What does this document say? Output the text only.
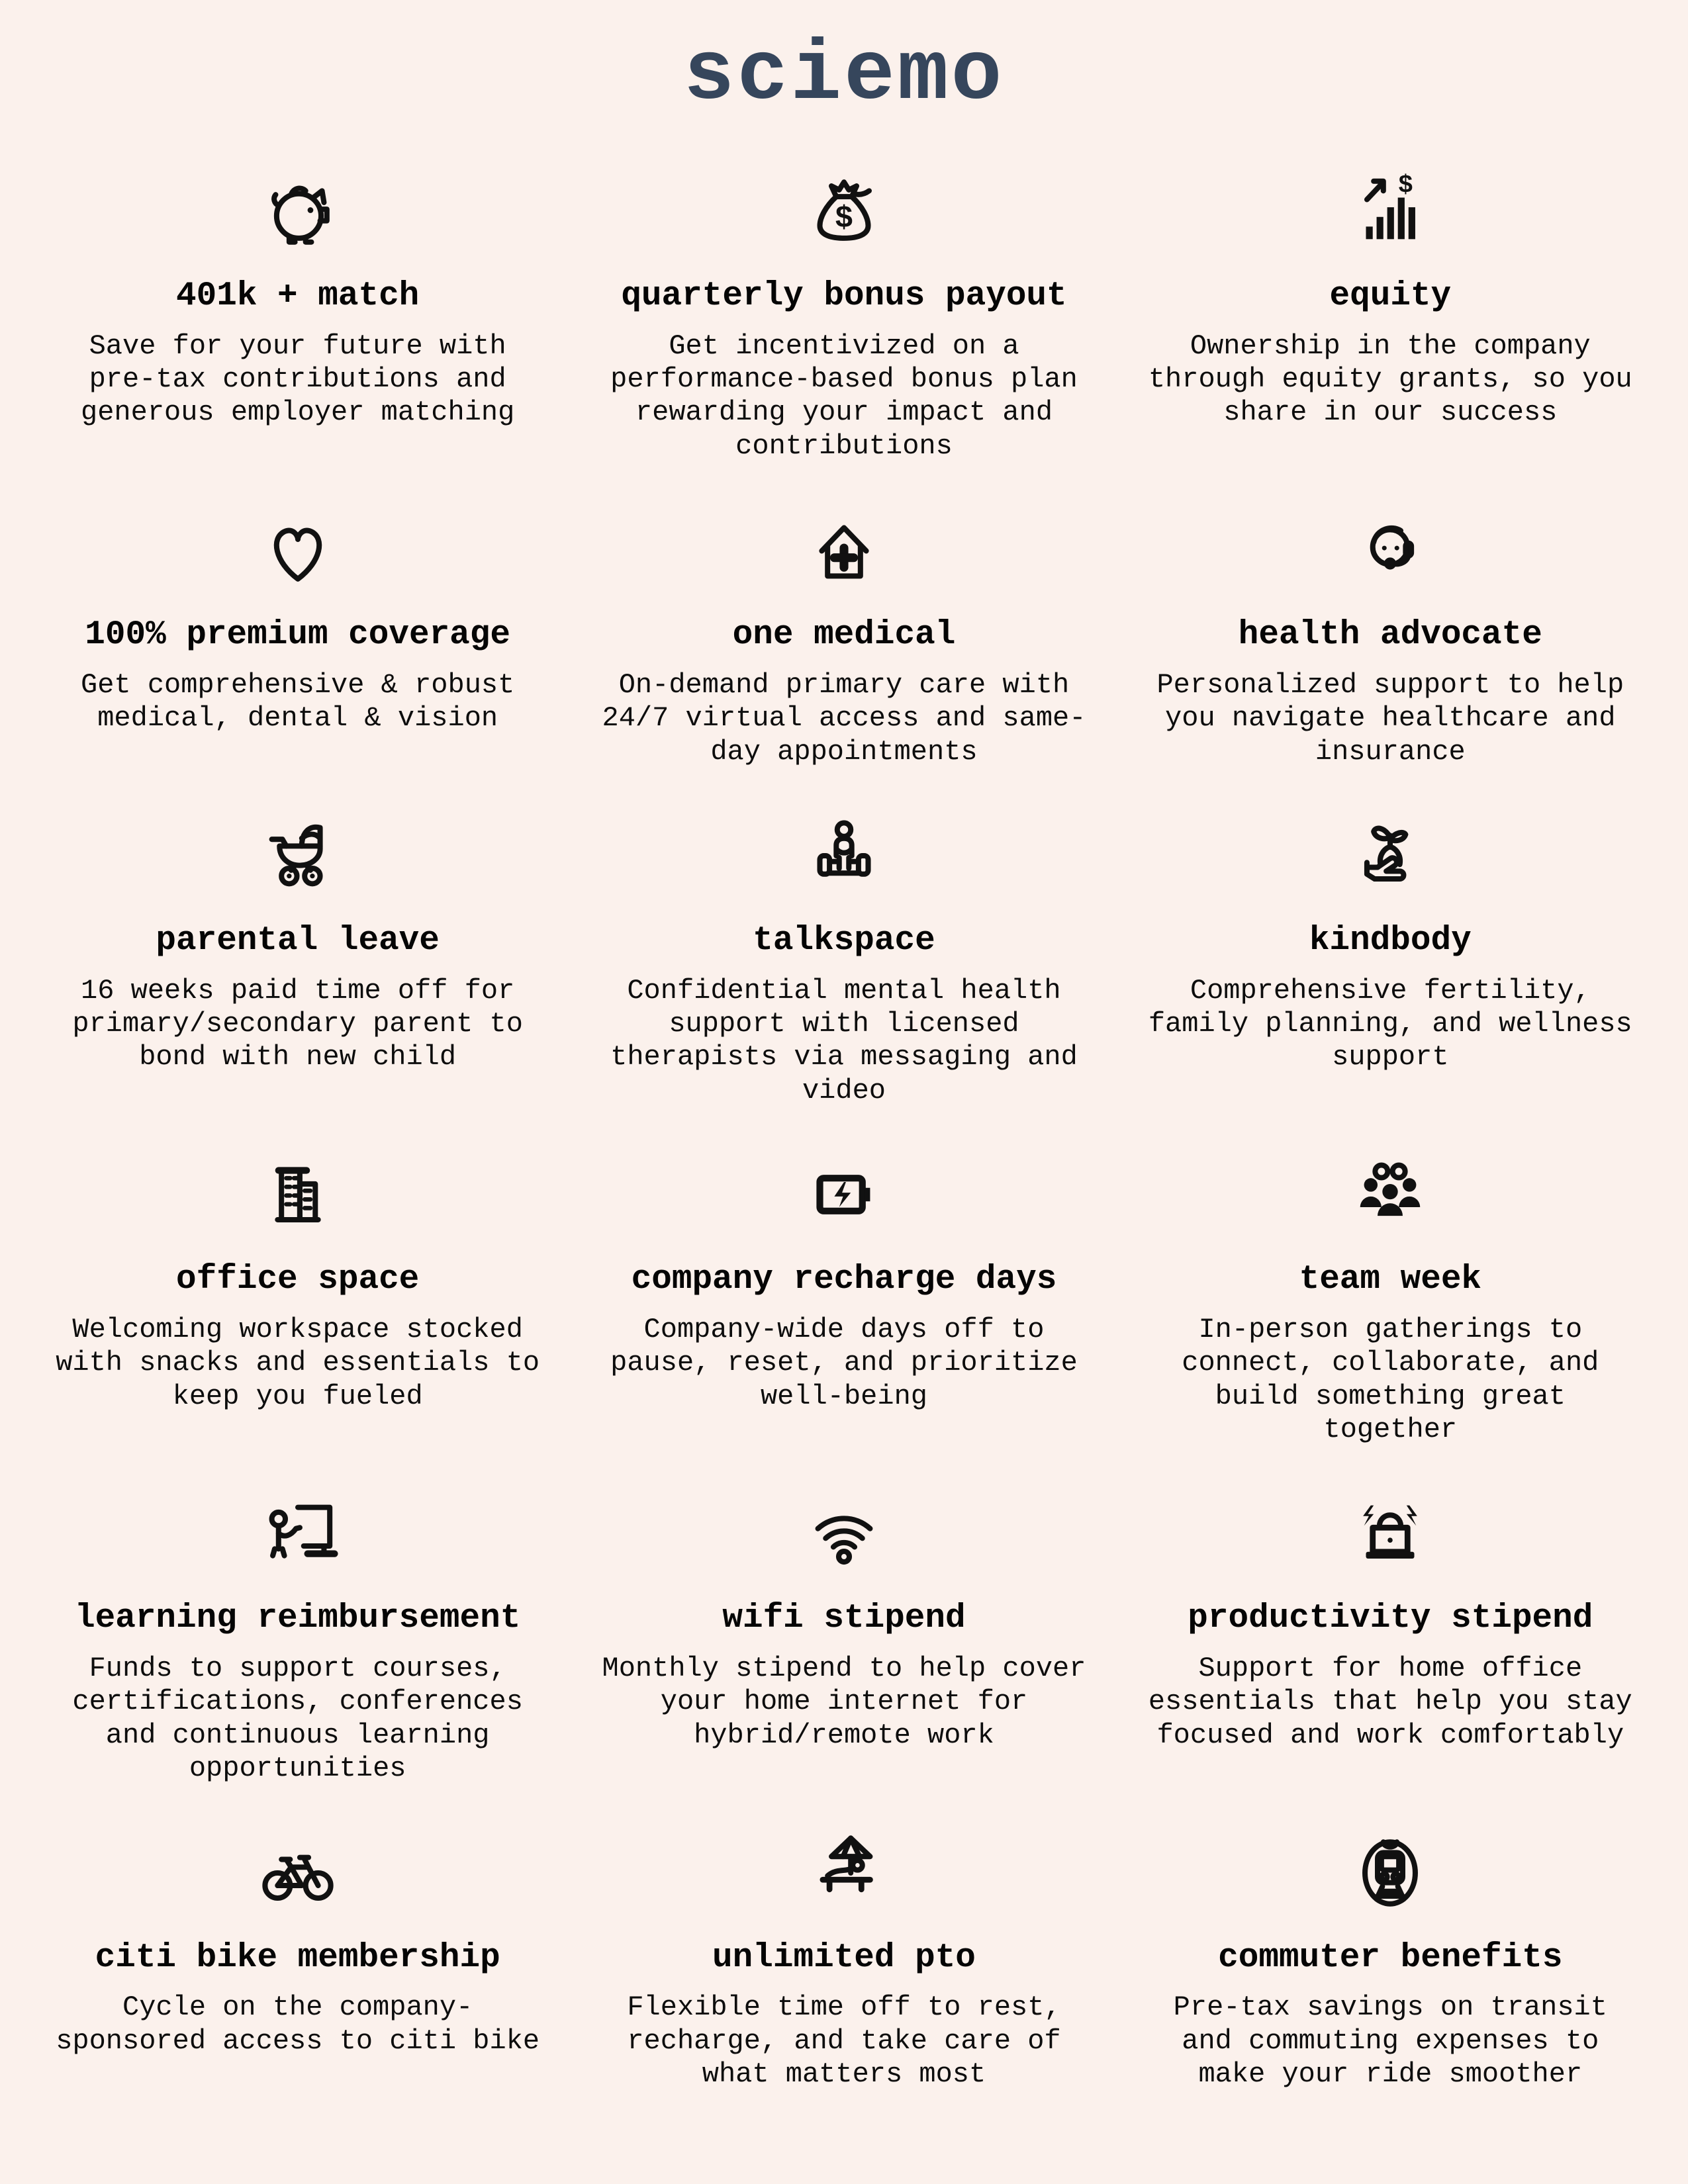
sciemo
401k + match
Save for your future with pre-tax contributions and generous employer matching
$
quarterly bonus payout
Get incentivized on a performance-based bonus plan rewarding your impact and contributions
$
equity
Ownership in the company through equity grants, so you share in our success
100% premium coverage
Get comprehensive & robust medical, dental & vision
one medical
On-demand primary care with 24/7 virtual access and same-day appointments
health advocate
Personalized support to help you navigate healthcare and insurance
parental leave
16 weeks paid time off for primary/secondary parent to bond with new child
talkspace
Confidential mental health support with licensed therapists via messaging and video
kindbody
Comprehensive fertility, family planning, and wellness support
office space
Welcoming workspace stocked with snacks and essentials to keep you fueled
company recharge days
Company-wide days off to pause, reset, and prioritize well-being
team week
In-person gatherings to connect, collaborate, and build something great together
learning reimbursement
Funds to support courses, certifications, conferences and continuous learning opportunities
wifi stipend
Monthly stipend to help cover your home internet for hybrid/remote work
productivity stipend
Support for home office essentials that help you stay focused and work comfortably
citi bike membership
Cycle on the company-sponsored access to citi bike
unlimited pto
Flexible time off to rest, recharge, and take care of what matters most
commuter benefits
Pre-tax savings on transit and commuting expenses to make your ride smoother
